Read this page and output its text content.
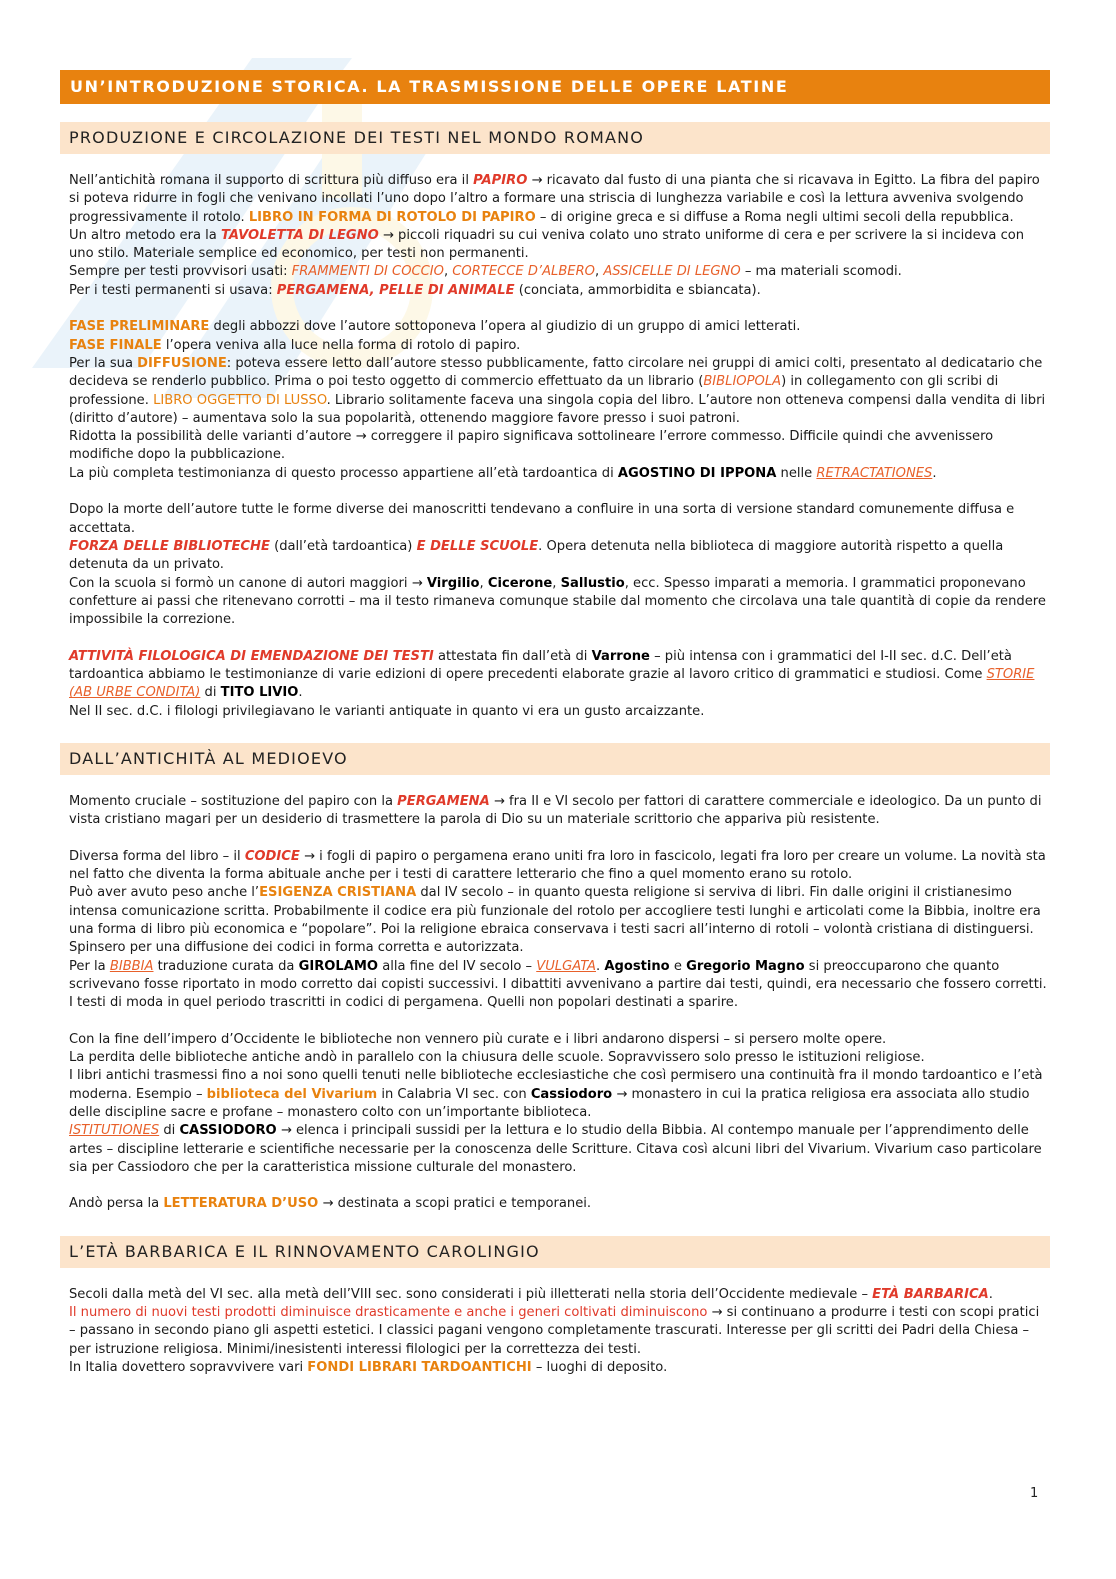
UN’INTRODUZIONE STORICA. LA TRASMISSIONE DELLE OPERE LATINE
PRODUZIONE E CIRCOLAZIONE DEI TESTI NEL MONDO ROMANO

Nell’antichità romana il supporto di scrittura più diffuso era il PAPIRO → ricavato dal fusto di una pianta che si ricavava in Egitto. La fibra del papiro si poteva ridurre in fogli che venivano incollati l’uno dopo l’altro a formare una striscia di lunghezza variabile e così la lettura avveniva svolgendo progressivamente il rotolo. LIBRO IN FORMA DI ROTOLO DI PAPIRO – di origine greca e si diffuse a Roma negli ultimi secoli della repubblica.

Un altro metodo era la TAVOLETTA DI LEGNO → piccoli riquadri su cui veniva colato uno strato uniforme di cera e per scrivere la si incideva con uno stilo. Materiale semplice ed economico, per testi non permanenti.

Sempre per testi provvisori usati: FRAMMENTI DI COCCIO, CORTECCE D’ALBERO, ASSICELLE DI LEGNO – ma materiali scomodi.

Per i testi permanenti si usava: PERGAMENA, PELLE DI ANIMALE (conciata, ammorbidita e sbiancata).

FASE PRELIMINARE degli abbozzi dove l’autore sottoponeva l’opera al giudizio di un gruppo di amici letterati.

FASE FINALE l’opera veniva alla luce nella forma di rotolo di papiro.

Per la sua DIFFUSIONE: poteva essere letto dall’autore stesso pubblicamente, fatto circolare nei gruppi di amici colti, presentato al dedicatario che decideva se renderlo pubblico. Prima o poi testo oggetto di commercio effettuato da un librario (BIBLIOPOLA) in collegamento con gli scribi di professione. LIBRO OGGETTO DI LUSSO. Librario solitamente faceva una singola copia del libro. L’autore non otteneva compensi dalla vendita di libri (diritto d’autore) – aumentava solo la sua popolarità, ottenendo maggiore favore presso i suoi patroni.

Ridotta la possibilità delle varianti d’autore → correggere il papiro significava sottolineare l’errore commesso. Difficile quindi che avvenissero modifiche dopo la pubblicazione.

La più completa testimonianza di questo processo appartiene all’età tardoantica di AGOSTINO DI IPPONA nelle RETRACTATIONES.

Dopo la morte dell’autore tutte le forme diverse dei manoscritti tendevano a confluire in una sorta di versione standard comunemente diffusa e accettata.

FORZA DELLE BIBLIOTECHE (dall’età tardoantica) E DELLE SCUOLE. Opera detenuta nella biblioteca di maggiore autorità rispetto a quella detenuta da un privato.

Con la scuola si formò un canone di autori maggiori → Virgilio, Cicerone, Sallustio, ecc. Spesso imparati a memoria. I grammatici proponevano confetture ai passi che ritenevano corrotti – ma il testo rimaneva comunque stabile dal momento che circolava una tale quantità di copie da rendere impossibile la correzione.

ATTIVITÀ FILOLOGICA DI EMENDAZIONE DEI TESTI attestata fin dall’età di Varrone – più intensa con i grammatici del I-II sec. d.C. Dell’età tardoantica abbiamo le testimonianze di varie edizioni di opere precedenti elaborate grazie al lavoro critico di grammatici e studiosi. Come STORIE (AB URBE CONDITA) di TITO LIVIO.

Nel II sec. d.C. i filologi privilegiavano le varianti antiquate in quanto vi era un gusto arcaizzante.

DALL’ANTICHITÀ AL MEDIOEVO

Momento cruciale – sostituzione del papiro con la PERGAMENA → fra II e VI secolo per fattori di carattere commerciale e ideologico. Da un punto di vista cristiano magari per un desiderio di trasmettere la parola di Dio su un materiale scrittorio che appariva più resistente.

Diversa forma del libro – il CODICE → i fogli di papiro o pergamena erano uniti fra loro in fascicolo, legati fra loro per creare un volume. La novità sta nel fatto che diventa la forma abituale anche per i testi di carattere letterario che fino a quel momento erano su rotolo.

Può aver avuto peso anche l’ESIGENZA CRISTIANA dal IV secolo – in quanto questa religione si serviva di libri. Fin dalle origini il cristianesimo intensa comunicazione scritta. Probabilmente il codice era più funzionale del rotolo per accogliere testi lunghi e articolati come la Bibbia, inoltre era una forma di libro più economica e “popolare”. Poi la religione ebraica conservava i testi sacri all’interno di rotoli – volontà cristiana di distinguersi. Spinsero per una diffusione dei codici in forma corretta e autorizzata.

Per la BIBBIA traduzione curata da GIROLAMO alla fine del IV secolo – VULGATA. Agostino e Gregorio Magno si preoccuparono che quanto scrivevano fosse riportato in modo corretto dai copisti successivi. I dibattiti avvenivano a partire dai testi, quindi, era necessario che fossero corretti.

I testi di moda in quel periodo trascritti in codici di pergamena. Quelli non popolari destinati a sparire.

Con la fine dell’impero d’Occidente le biblioteche non vennero più curate e i libri andarono dispersi – si persero molte opere.

La perdita delle biblioteche antiche andò in parallelo con la chiusura delle scuole. Sopravvissero solo presso le istituzioni religiose.

I libri antichi trasmessi fino a noi sono quelli tenuti nelle biblioteche ecclesiastiche che così permisero una continuità fra il mondo tardoantico e l’età moderna. Esempio – biblioteca del Vivarium in Calabria VI sec. con Cassiodoro → monastero in cui la pratica religiosa era associata allo studio delle discipline sacre e profane – monastero colto con un’importante biblioteca.

ISTITUTIONES di CASSIODORO → elenca i principali sussidi per la lettura e lo studio della Bibbia. Al contempo manuale per l’apprendimento delle artes – discipline letterarie e scientifiche necessarie per la conoscenza delle Scritture. Citava così alcuni libri del Vivarium. Vivarium caso particolare sia per Cassiodoro che per la caratteristica missione culturale del monastero.

Andò persa la LETTERATURA D’USO → destinata a scopi pratici e temporanei.

L’ETÀ BARBARICA E IL RINNOVAMENTO CAROLINGIO

Secoli dalla metà del VI sec. alla metà dell’VIII sec. sono considerati i più illetterati nella storia dell’Occidente medievale – ETÀ BARBARICA.

Il numero di nuovi testi prodotti diminuisce drasticamente e anche i generi coltivati diminuiscono → si continuano a produrre i testi con scopi pratici – passano in secondo piano gli aspetti estetici. I classici pagani vengono completamente trascurati. Interesse per gli scritti dei Padri della Chiesa – per istruzione religiosa. Minimi/inesistenti interessi filologici per la correttezza dei testi.

In Italia dovettero sopravvivere vari FONDI LIBRARI TARDOANTICHI – luoghi di deposito.

1
